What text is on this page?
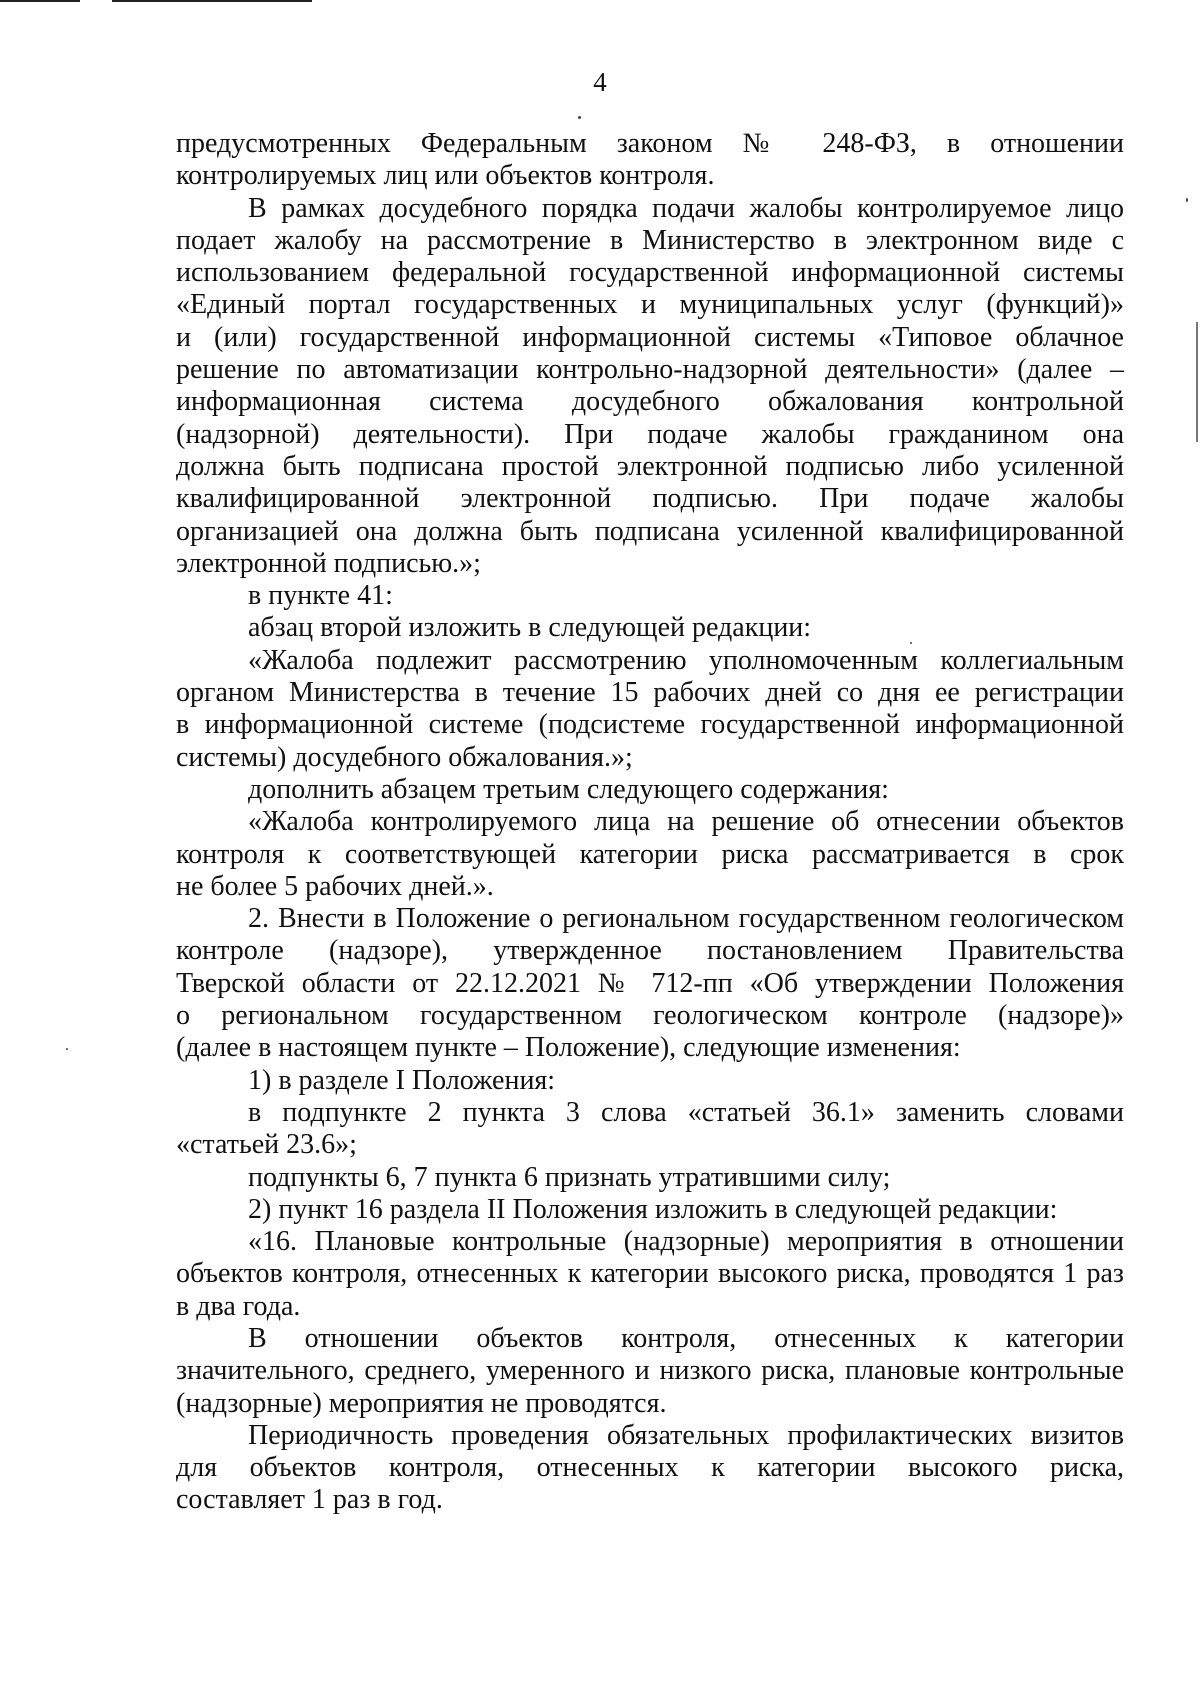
4
предусмотренных Федеральным законом № 248-ФЗ, в отношении
контролируемых лиц или объектов контроля.
В рамках досудебного порядка подачи жалобы контролируемое лицо
подает жалобу на рассмотрение в Министерство в электронном виде с
использованием федеральной государственной информационной системы
«Единый портал государственных и муниципальных услуг (функций)»
и (или) государственной информационной системы «Типовое облачное
решение по автоматизации контрольно-надзорной деятельности» (далее –
информационная система досудебного обжалования контрольной
(надзорной) деятельности). При подаче жалобы гражданином она
должна быть подписана простой электронной подписью либо усиленной
квалифицированной электронной подписью. При подаче жалобы
организацией она должна быть подписана усиленной квалифицированной
электронной подписью.»;
в пункте 41:
абзац второй изложить в следующей редакции:
«Жалоба подлежит рассмотрению уполномоченным коллегиальным
органом Министерства в течение 15 рабочих дней со дня ее регистрации
в информационной системе (подсистеме государственной информационной
системы) досудебного обжалования.»;
дополнить абзацем третьим следующего содержания:
«Жалоба контролируемого лица на решение об отнесении объектов
контроля к соответствующей категории риска рассматривается в срок
не более 5 рабочих дней.».
2. Внести в Положение о региональном государственном геологическом
контроле (надзоре), утвержденное постановлением Правительства
Тверской области от 22.12.2021 № 712-пп «Об утверждении Положения
о региональном государственном геологическом контроле (надзоре)»
(далее в настоящем пункте – Положение), следующие изменения:
1) в разделе I Положения:
в подпункте 2 пункта 3 слова «статьей 36.1» заменить словами
«статьей 23.6»;
подпункты 6, 7 пункта 6 признать утратившими силу;
2) пункт 16 раздела II Положения изложить в следующей редакции:
«16. Плановые контрольные (надзорные) мероприятия в отношении
объектов контроля, отнесенных к категории высокого риска, проводятся 1 раз
в два года.
В отношении объектов контроля, отнесенных к категории
значительного, среднего, умеренного и низкого риска, плановые контрольные
(надзорные) мероприятия не проводятся.
Периодичность проведения обязательных профилактических визитов
для объектов контроля, отнесенных к категории высокого риска,
составляет 1 раз в год.
